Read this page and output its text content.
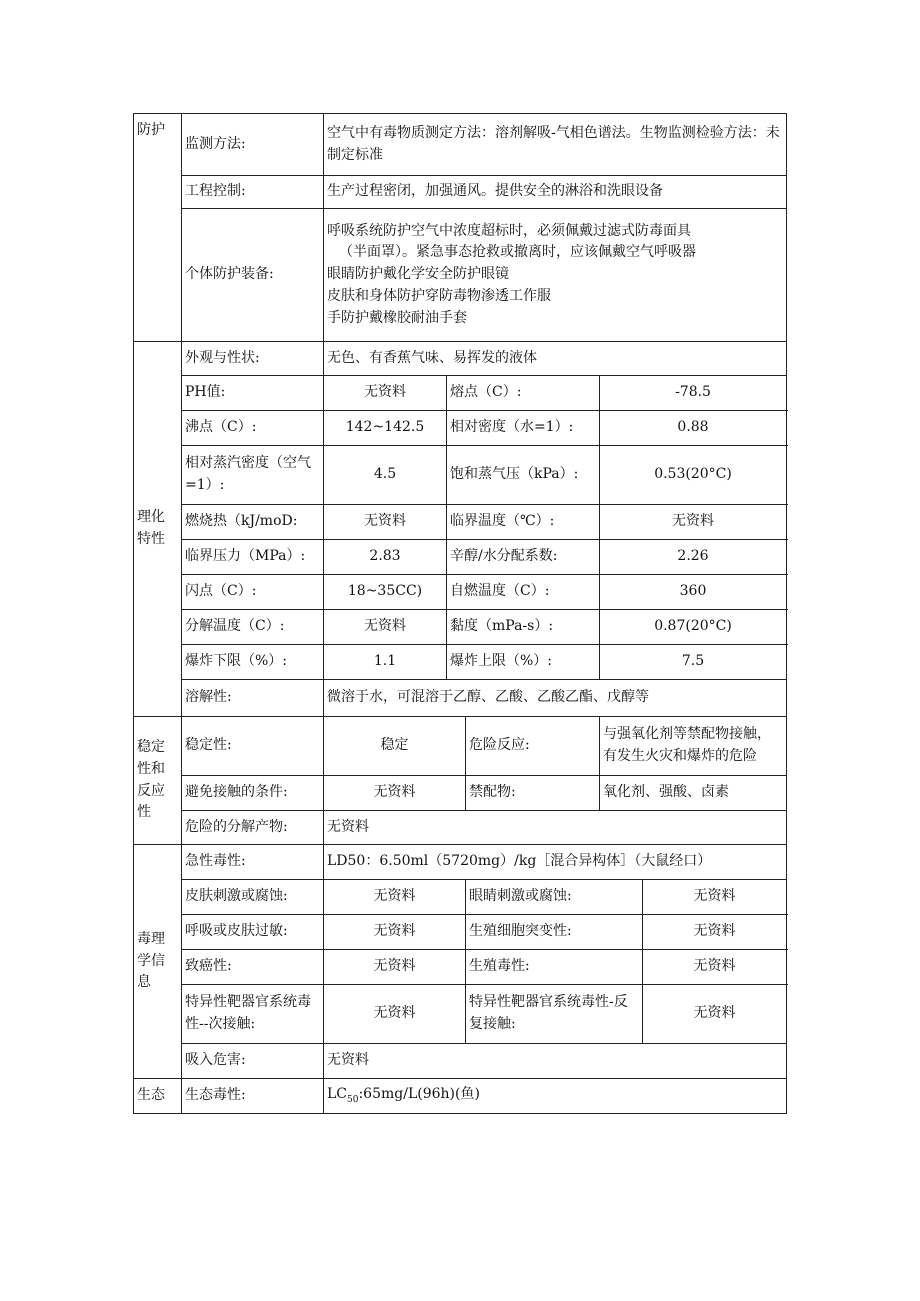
防护	监测方法:	空气中有毒物质测定方法：溶剂解吸-气相色谱法。生物监测检验方法：未制定标准				
	工程控制:	生产过程密闭，加强通风。提供安全的淋浴和洗眼设备				
	个体防护装备:	呼吸系统防护空气中浓度超标时，必须佩戴过滤式防毒面具
（半面罩）。紧急事态抢救或撤离时，应该佩戴空气呼吸器
眼睛防护戴化学安全防护眼镜
皮肤和身体防护穿防毒物渗透工作服
手防护戴橡胶耐油手套				

理化特性	外观与性状:	无色、有香蕉气味、易挥发的液体				
	PH值:	无资料	熔点（C）:		-78.5	
	沸点（C）:	142~142.5	相对密度（水=1）:		0.88	
	相对蒸汽密度（空气=1）:	4.5	饱和蒸气压（kPa）:		0.53(20°C)	
	燃烧热（kJ/moD:	无资料	临界温度（℃）:		无资料	
	临界压力（MPa）:	2.83	辛醇/水分配系数:		2.26	
	闪点（C）:	18~35CC)	自燃温度（C）:		360	
	分解温度（C）:	无资料	黏度（mPa-s）:		0.87(20°C)	
	爆炸下限（%）:	1.1	爆炸上限（%）:		7.5	
	溶解性:	微溶于水，可混溶于乙醇、乙酸、乙酸乙酯、戊醇等				
稳定性和反应性	稳定性:	稳定		危险反应:	与强氧化剂等禁配物接触，有发生火灾和爆炸的危险	
	避免接触的条件:	无资料		禁配物:	氧化剂、强酸、卤素	
	危险的分解产物:	无资料				
毒理学信息	急性毒性:	LD50：6.50ml（5720mg）/kg［混合异构体］（大鼠经口）				
	皮肤刺激或腐蚀:	无资料		眼睛刺激或腐蚀:		无资料
	呼吸或皮肤过敏:	无资料		生殖细胞突变性:		无资料
	致癌性:	无资料		生殖毒性:		无资料
	特异性靶器官系统毒性--次接触:	无资料		特异性靶器官系统毒性-反复接触:		无资料
	吸入危害:	无资料				
生态	生态毒性:	$LC_{50}:65mg/L(96h)$(鱼)				
